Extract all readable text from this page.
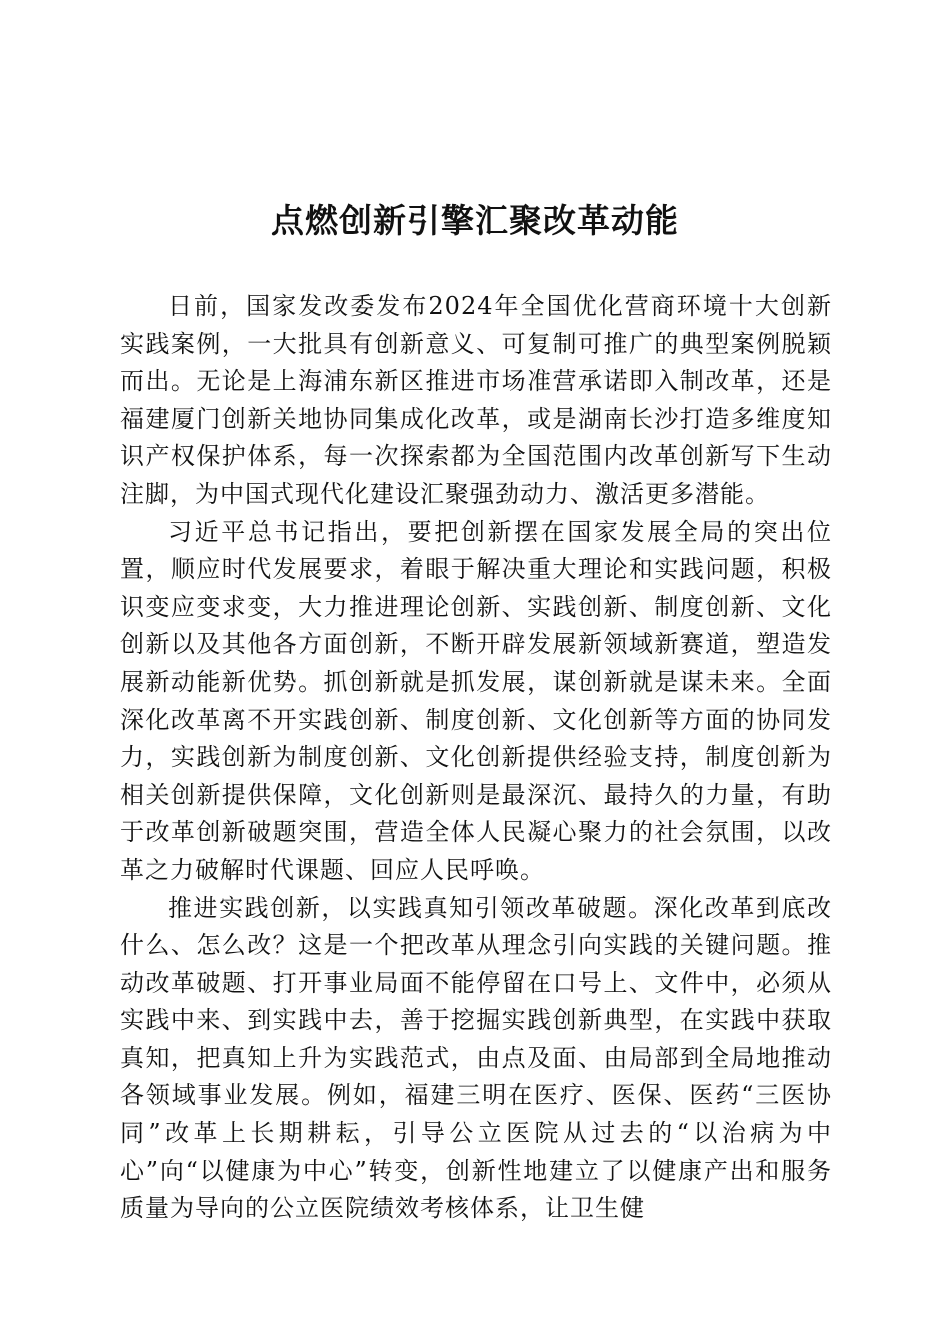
点燃创新引擎汇聚改革动能

日前，国家发改委发布2024年全国优化营商环境十大创新实践案例，一大批具有创新意义、可复制可推广的典型案例脱颖而出。无论是上海浦东新区推进市场准营承诺即入制改革，还是福建厦门创新关地协同集成化改革，或是湖南长沙打造多维度知识产权保护体系，每一次探索都为全国范围内改革创新写下生动注脚，为中国式现代化建设汇聚强劲动力、激活更多潜能。

习近平总书记指出，要把创新摆在国家发展全局的突出位置，顺应时代发展要求，着眼于解决重大理论和实践问题，积极识变应变求变，大力推进理论创新、实践创新、制度创新、文化创新以及其他各方面创新，不断开辟发展新领域新赛道，塑造发展新动能新优势。抓创新就是抓发展，谋创新就是谋未来。全面深化改革离不开实践创新、制度创新、文化创新等方面的协同发力，实践创新为制度创新、文化创新提供经验支持，制度创新为相关创新提供保障，文化创新则是最深沉、最持久的力量，有助于改革创新破题突围，营造全体人民凝心聚力的社会氛围，以改革之力破解时代课题、回应人民呼唤。

推进实践创新，以实践真知引领改革破题。深化改革到底改什么、怎么改？这是一个把改革从理念引向实践的关键问题。推动改革破题、打开事业局面不能停留在口号上、文件中，必须从实践中来、到实践中去，善于挖掘实践创新典型，在实践中获取真知，把真知上升为实践范式，由点及面、由局部到全局地推动各领域事业发展。例如，福建三明在医疗、医保、医药“三医协同”改革上长期耕耘，引导公立医院从过去的“以治病为中心”向“以健康为中心”转变，创新性地建立了以健康产出和服务质量为导向的公立医院绩效考核体系，让卫生健
